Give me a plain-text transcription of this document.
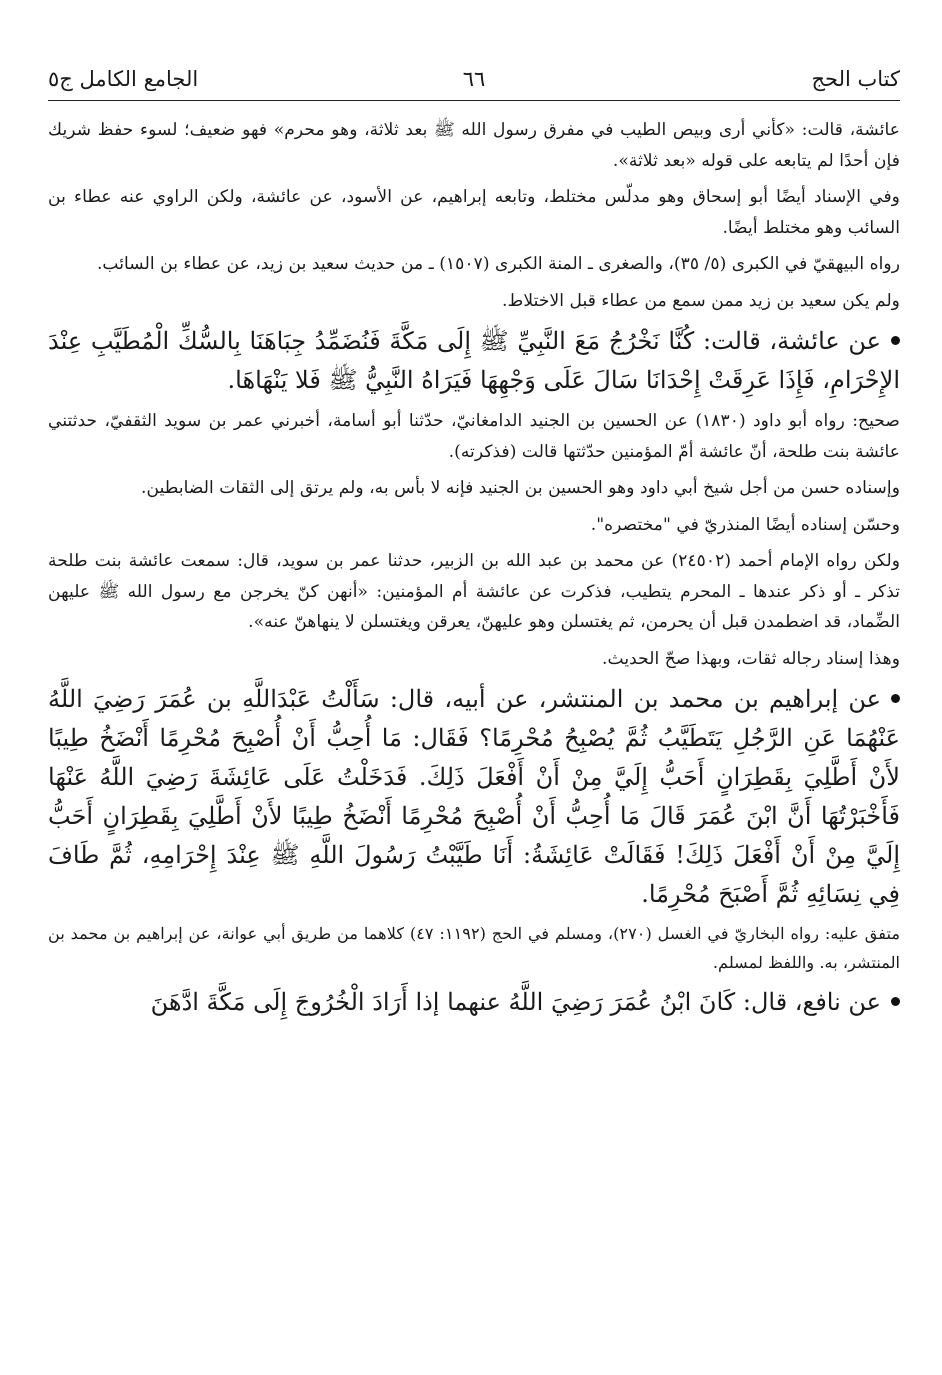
كتاب الحج
٦٦
الجامع الكامل ج٥

عائشة، قالت: «كأني أرى وبيص الطيب في مفرق رسول الله ﷺ بعد ثلاثة، وهو محرم» فهو ضعيف؛ لسوء حفظ شريك فإن أحدًا لم يتابعه على قوله «بعد ثلاثة».

وفي الإسناد أيضًا أبو إسحاق وهو مدلّس مختلط، وتابعه إبراهيم، عن الأسود، عن عائشة، ولكن الراوي عنه عطاء بن السائب وهو مختلط أيضًا.

رواه البيهقيّ في الكبرى (٥/ ٣٥)، والصغرى ـ المنة الكبرى (١٥٠٧) ـ من حديث سعيد بن زيد، عن عطاء بن السائب.

ولم يكن سعيد بن زيد ممن سمع من عطاء قبل الاختلاط.

عن عائشة، قالت: كُنَّا نَخْرُجُ مَعَ النَّبِيِّ ﷺ إِلَى مَكَّةَ فَنُضَمِّدُ جِبَاهَنَا بِالسُّكِّ الْمُطَيَّبِ عِنْدَ الإِحْرَامِ، فَإِذَا عَرِقَتْ إِحْدَانَا سَالَ عَلَى وَجْهِهَا فَيَرَاهُ النَّبِيُّ ﷺ فَلا يَنْهَاهَا.

صحيح: رواه أبو داود (١٨٣٠) عن الحسين بن الجنيد الدامغانيّ، حدّثنا أبو أسامة، أخبرني عمر بن سويد الثقفيّ، حدثتني عائشة بنت طلحة، أنّ عائشة أمّ المؤمنين حدّثتها قالت (فذكرته).

وإسناده حسن من أجل شيخ أبي داود وهو الحسين بن الجنيد فإنه لا بأس به، ولم يرتق إلى الثقات الضابطين.

وحسّن إسناده أيضًا المنذريّ في "مختصره".

ولكن رواه الإمام أحمد (٢٤٥٠٢) عن محمد بن عبد الله بن الزبير، حدثنا عمر بن سويد، قال: سمعت عائشة بنت طلحة تذكر ـ أو ذكر عندها ـ المحرم يتطيب، فذكرت عن عائشة أم المؤمنين: «أنهن كنّ يخرجن مع رسول الله ﷺ عليهن الضِّماد، قد اضطمدن قبل أن يحرمن، ثم يغتسلن وهو عليهنّ، يعرقن ويغتسلن لا ينهاهنّ عنه».

وهذا إسناد رجاله ثقات، وبهذا صحّ الحديث.

عن إبراهيم بن محمد بن المنتشر، عن أبيه، قال: سَأَلْتُ عَبْدَاللَّهِ بن عُمَرَ رَضِيَ اللَّهُ عَنْهُمَا عَنِ الرَّجُلِ يَتَطَيَّبُ ثُمَّ يُصْبِحُ مُحْرِمًا؟ فَقَال: مَا أُحِبُّ أَنْ أُصْبِحَ مُحْرِمًا أَنْضَخُ طِيبًا لأَنْ أَطَّلِيَ بِقَطِرَانٍ أَحَبُّ إِلَيَّ مِنْ أَنْ أَفْعَلَ ذَلِكَ. فَدَخَلْتُ عَلَى عَائِشَةَ رَضِيَ اللَّهُ عَنْهَا فَأَخْبَرْتُهَا أَنَّ ابْنَ عُمَرَ قَالَ مَا أُحِبُّ أَنْ أُصْبِحَ مُحْرِمًا أَنْضَخُ طِيبًا لأَنْ أَطَّلِيَ بِقَطِرَانٍ أَحَبُّ إِلَيَّ مِنْ أَنْ أَفْعَلَ ذَلِكَ! فَقَالَتْ عَائِشَةُ: أَنَا طَيَّبْتُ رَسُولَ اللَّهِ ﷺ عِنْدَ إِحْرَامِهِ، ثُمَّ طَافَ فِي نِسَائِهِ ثُمَّ أَصْبَحَ مُحْرِمًا.

متفق عليه: رواه البخاريّ في الغسل (٢٧٠)، ومسلم في الحج (١١٩٢: ٤٧) كلاهما من طريق أبي عوانة، عن إبراهيم بن محمد بن المنتشر، به. واللفظ لمسلم.

عن نافع، قال: كَانَ ابْنُ عُمَرَ رَضِيَ اللَّهُ عنهما إذا أَرَادَ الْخُرُوجَ إِلَى مَكَّةَ ادَّهَنَ
